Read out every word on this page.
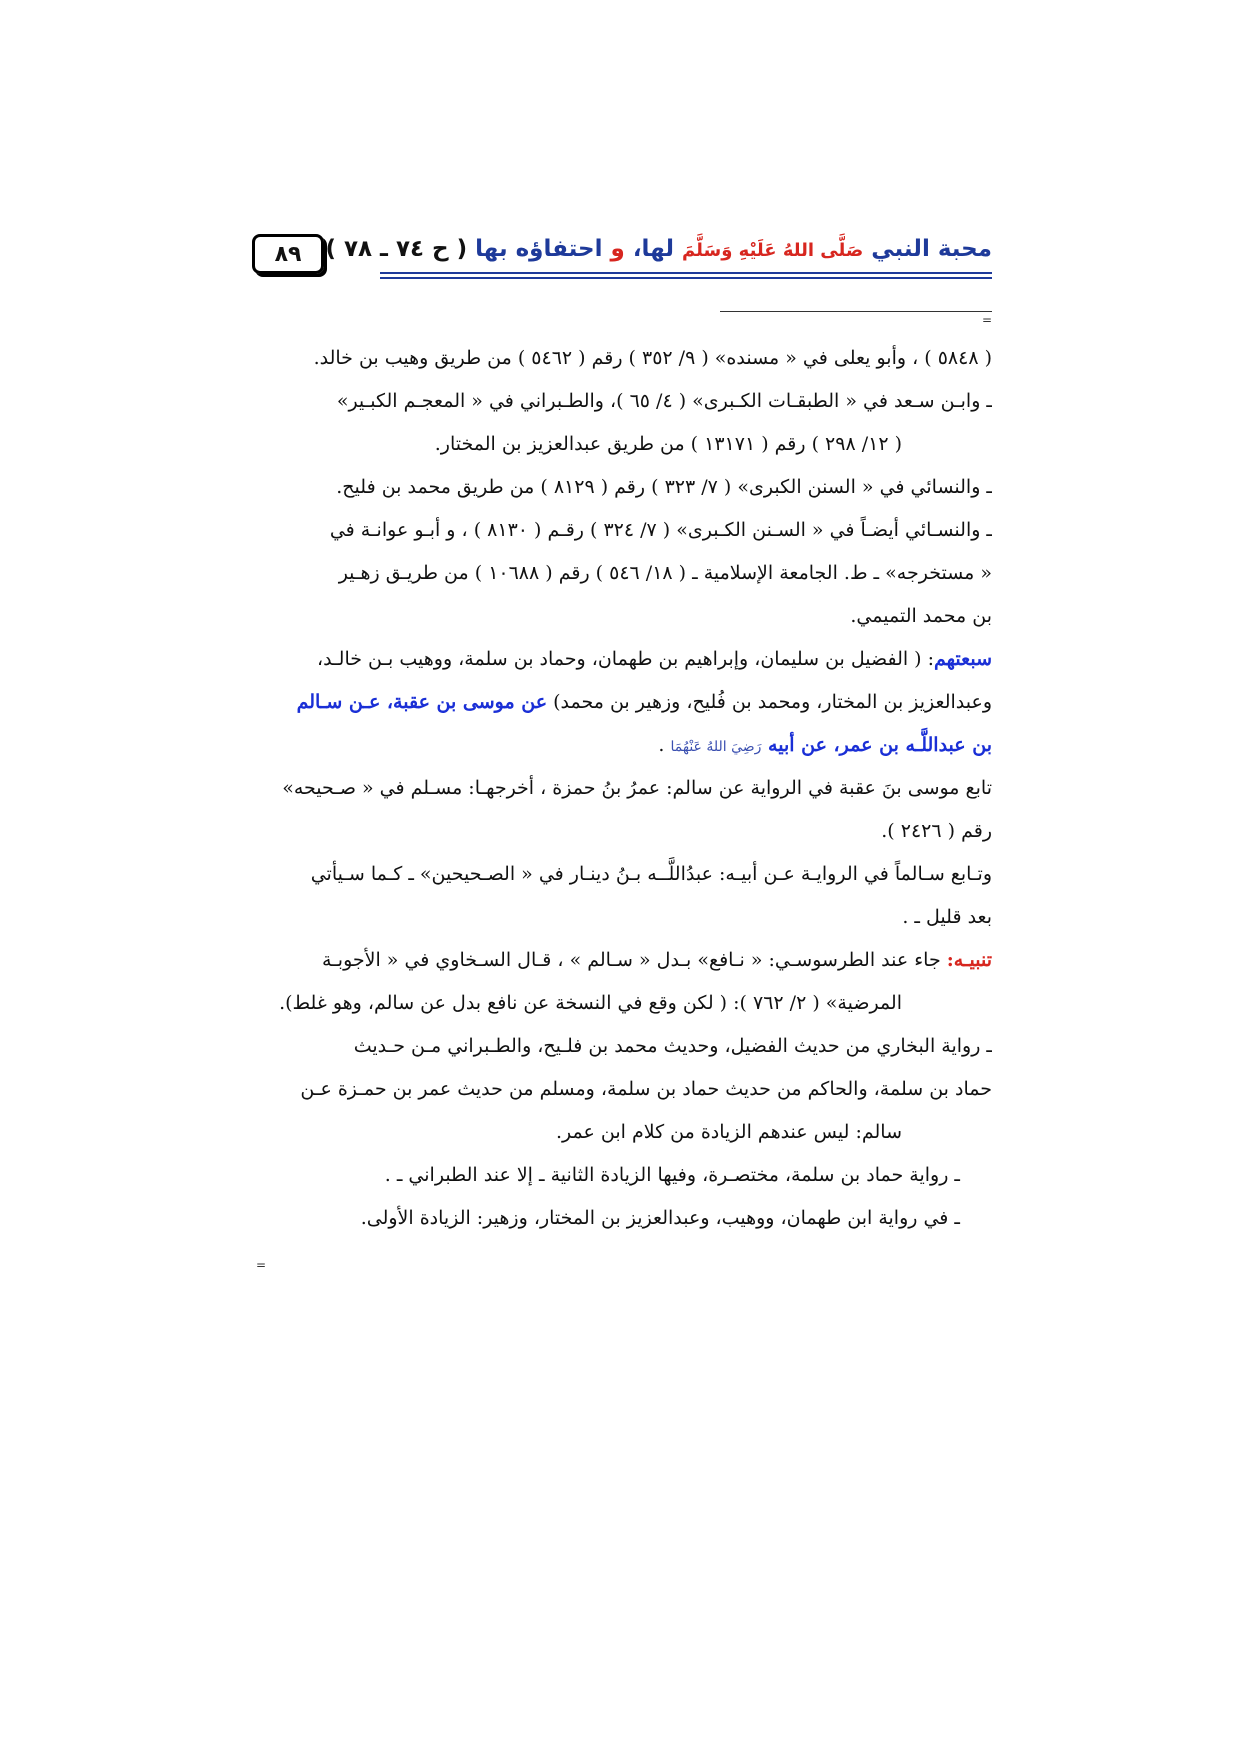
٨٩	محبة النبي صَلَّى اللهُ عَلَيْهِ وَسَلَّمَ لها، و احتفاؤه بها ( ح ٧٤ ـ ٧٨ )
=
( ٥٨٤٨ ) ، وأبو يعلى في « مسنده» ( ٩/ ٣٥٢ ) رقم ( ٥٤٦٢ ) من طريق وهيب بن خالد.
ـ وابـن سـعد في « الطبقـات الكـبرى» ( ٤/ ٦٥ )، والطـبراني في « المعجـم الكبـير»
( ١٢/ ٢٩٨ ) رقم ( ١٣١٧١ ) من طريق عبدالعزيز بن المختار.
ـ والنسائي في « السنن الكبرى» ( ٧/ ٣٢٣ ) رقم ( ٨١٢٩ ) من طريق محمد بن فليح.
ـ والنسـائي أيضـاً في « السـنن الكـبرى» ( ٧/ ٣٢٤ ) رقـم ( ٨١٣٠ ) ، و أبـو عوانـة في
« مستخرجه» ـ ط. الجامعة الإسلامية ـ ( ١٨/ ٥٤٦ ) رقم ( ١٠٦٨٨ ) من طريـق زهـير
بن محمد التميمي.
سبعتهم: ( الفضيل بن سليمان، وإبراهيم بن طهمان، وحماد بن سلمة، ووهيب بـن خالـد،
وعبدالعزيز بن المختار، ومحمد بن فُليح، وزهير بن محمد) عن موسى بن عقبة، عـن سـالم
بن عبداللَّـه بن عمر، عن أبيه رَضِيَ اللهُ عَنْهُمَا .
تابع موسى بنَ عقبة في الرواية عن سالم: عمرُ بنُ حمزة ، أخرجهـا: مسـلم في « صـحيحه»
رقم ( ٢٤٢٦ ).
وتـابع سـالماً في الروايـة عـن أبيـه: عبدُاللَّــه بـنُ دينـار في « الصـحيحين» ـ كـما سـيأتي
بعد قليل ـ .
تنبيـه: جاء عند الطرسوسـي: « نـافع» بـدل « سـالم » ، قـال السـخاوي في « الأجوبـة
المرضية» ( ٢/ ٧٦٢ ): ( لكن وقع في النسخة عن نافع بدل عن سالم، وهو غلط).
ـ رواية البخاري من حديث الفضيل، وحديث محمد بن فلـيح، والطـبراني مـن حـديث
حماد بن سلمة، والحاكم من حديث حماد بن سلمة، ومسلم من حديث عمر بن حمـزة عـن
سالم: ليس عندهم الزيادة من كلام ابن عمر.
ـ رواية حماد بن سلمة، مختصـرة، وفيها الزيادة الثانية ـ إلا عند الطبراني ـ .
ـ في رواية ابن طهمان، ووهيب، وعبدالعزيز بن المختار، وزهير: الزيادة الأولى.
=
